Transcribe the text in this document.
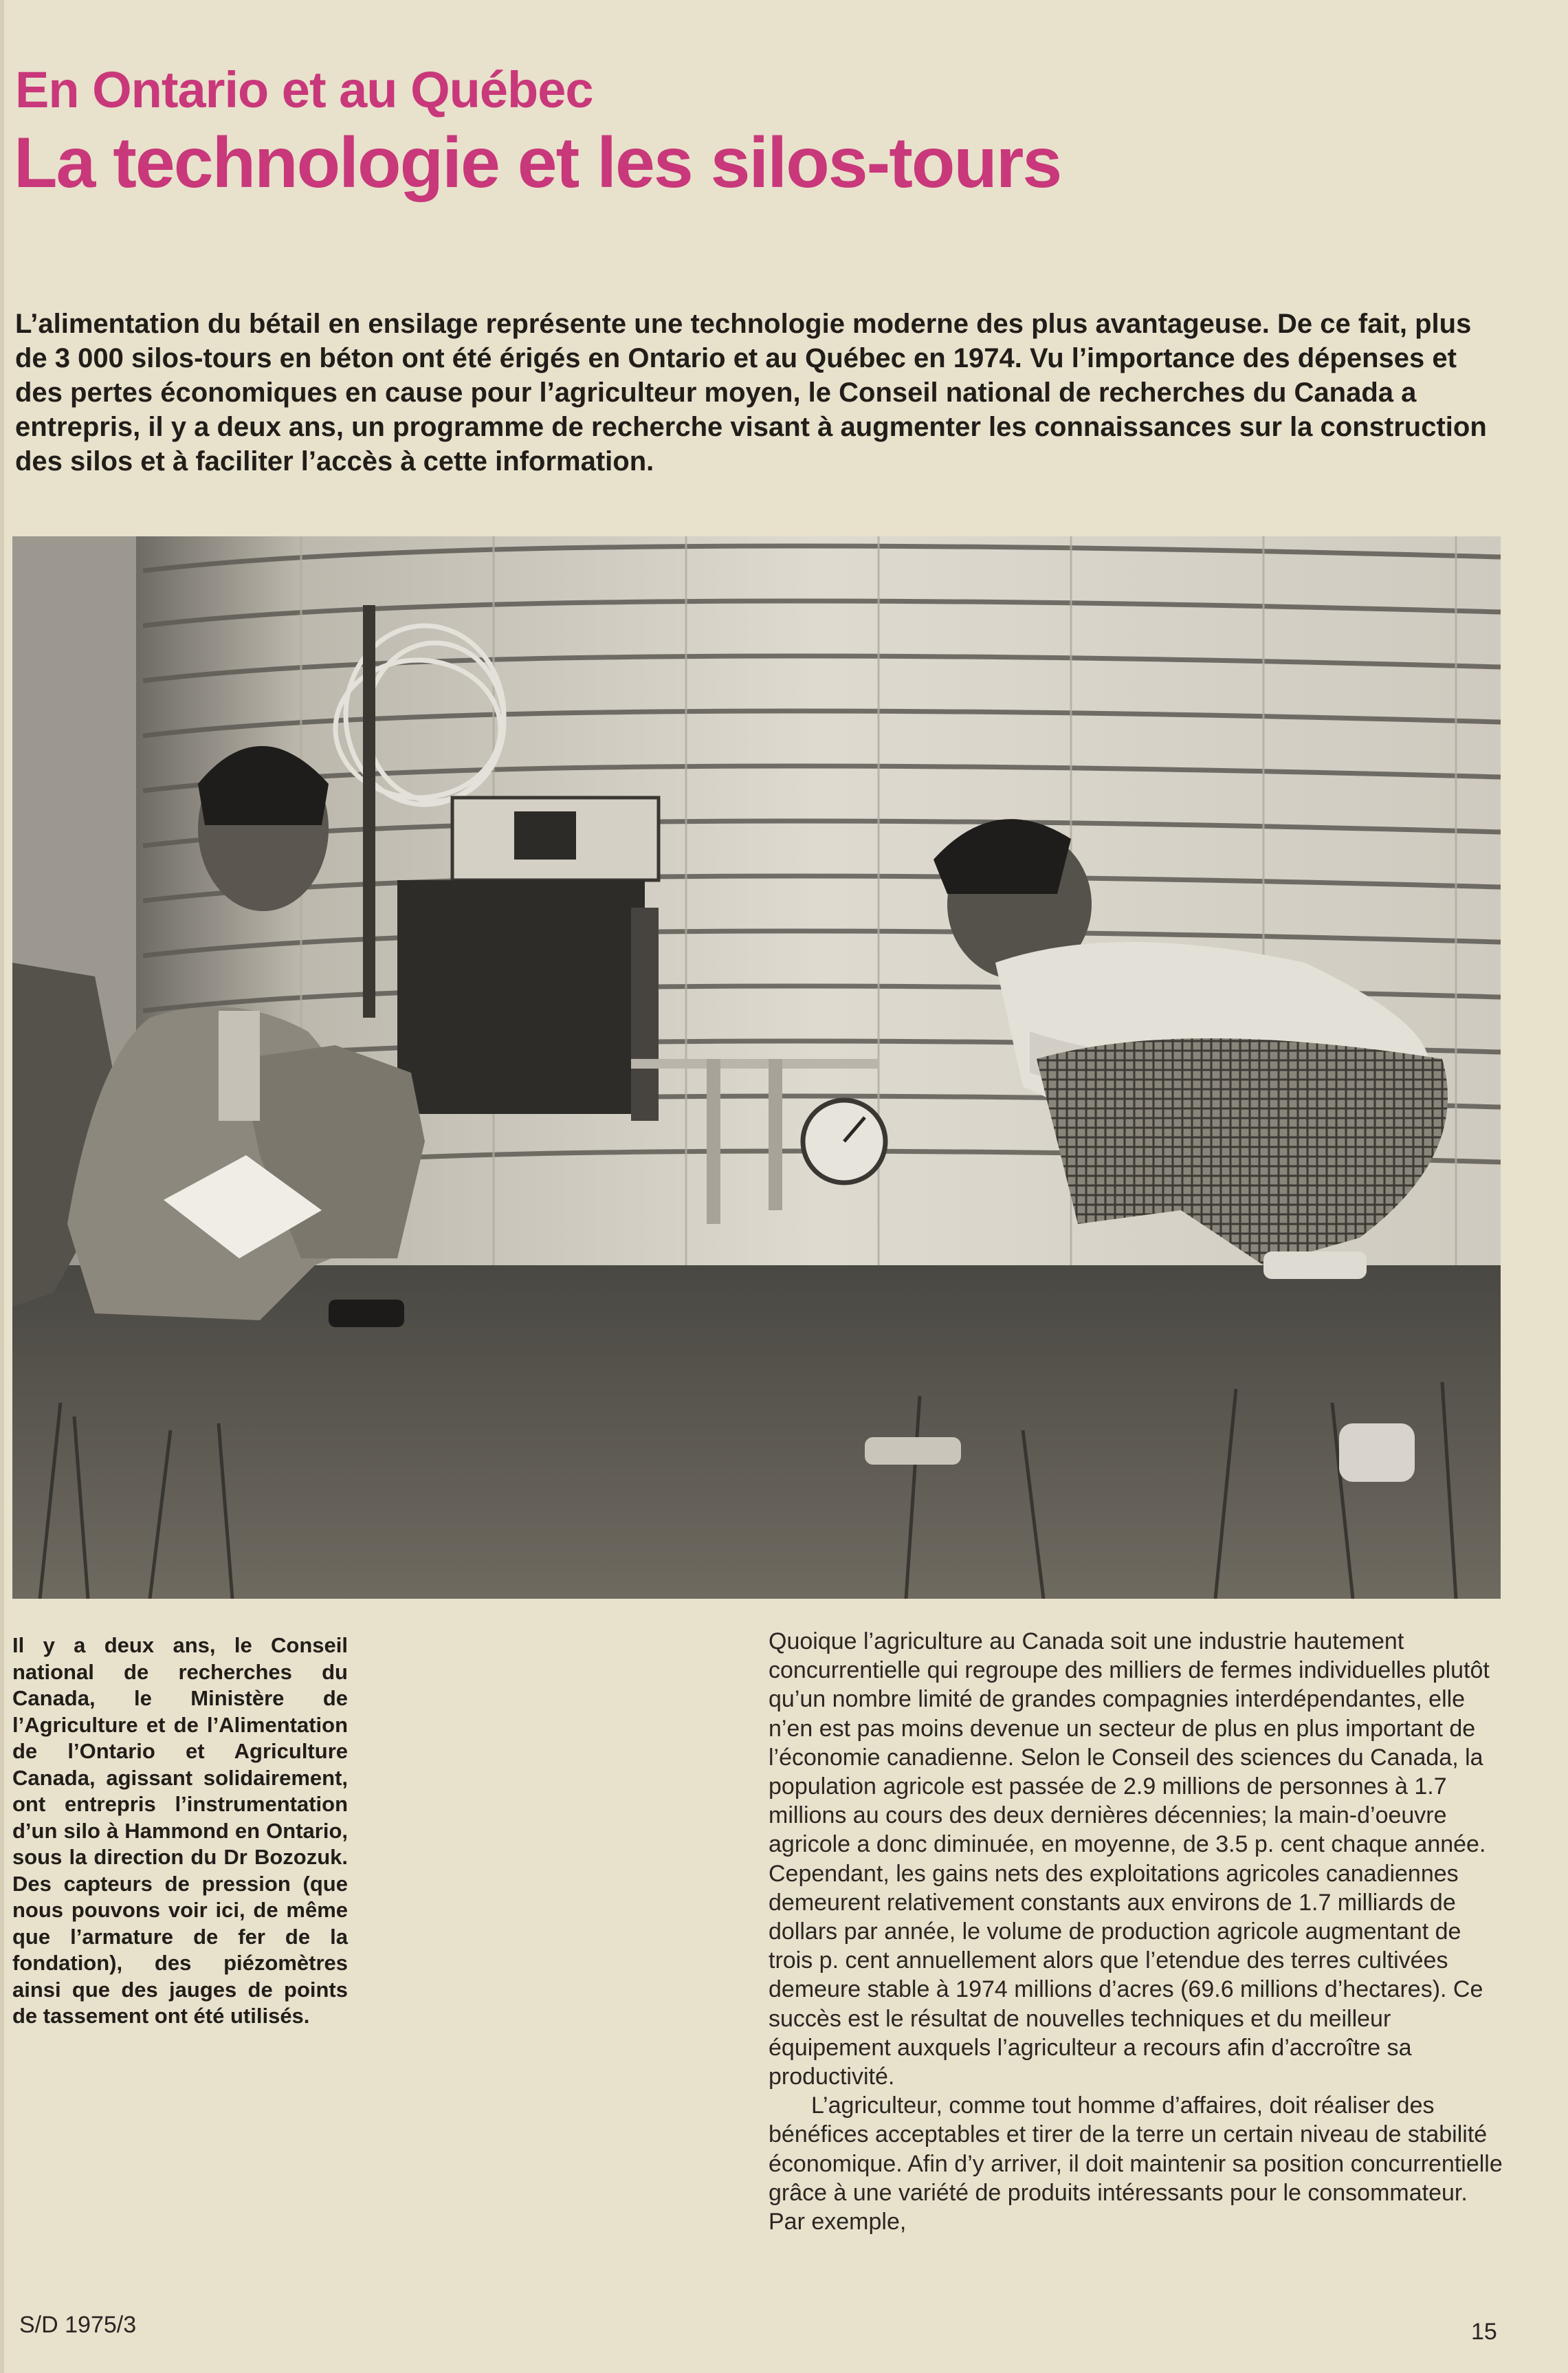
En Ontario et au Québec
La technologie et les silos-tours

L’alimentation du bétail en ensilage représente une technologie moderne des plus avantageuse. De ce fait, plus de 3 000 silos-tours en béton ont été érigés en Ontario et au Québec en 1974. Vu l’importance des dépenses et des pertes économiques en cause pour l’agriculteur moyen, le Conseil national de recherches du Canada a entrepris, il y a deux ans, un programme de recherche visant à augmenter les connaissances sur la construction des silos et à faciliter l’accès à cette information.

Il y a deux ans, le Conseil national de recherches du Canada, le Ministère de l’Agriculture et de l’Alimentation de l’Ontario et Agriculture Canada, agissant solidairement, ont entrepris l’instrumentation d’un silo à Hammond en Ontario, sous la direction du Dr Bozozuk. Des capteurs de pression (que nous pouvons voir ici, de même que l’armature de fer de la fondation), des piézomètres ainsi que des jauges de points de tassement ont été utilisés.

Quoique l’agriculture au Canada soit une industrie hautement concurrentielle qui regroupe des milliers de fermes individuelles plutôt qu’un nombre limité de grandes compagnies interdépendantes, elle n’en est pas moins devenue un secteur de plus en plus important de l’économie canadienne. Selon le Conseil des sciences du Canada, la population agricole est passée de 2.9 millions de personnes à 1.7 millions au cours des deux dernières décennies; la main-d’oeuvre agricole a donc diminuée, en moyenne, de 3.5 p. cent chaque année. Cependant, les gains nets des exploitations agricoles canadiennes demeurent relativement constants aux environs de 1.7 milliards de dollars par année, le volume de production agricole augmentant de trois p. cent annuellement alors que l’etendue des terres cultivées demeure stable à 1974 millions d’acres (69.6 millions d’hectares). Ce succès est le résultat de nouvelles techniques et du meilleur équipement auxquels l’agriculteur a recours afin d’accroître sa productivité.

L’agriculteur, comme tout homme d’affaires, doit réaliser des bénéfices acceptables et tirer de la terre un certain niveau de stabilité économique. Afin d’y arriver, il doit maintenir sa position concurrentielle grâce à une variété de produits intéressants pour le consommateur. Par exemple,

S/D 1975/3	15
